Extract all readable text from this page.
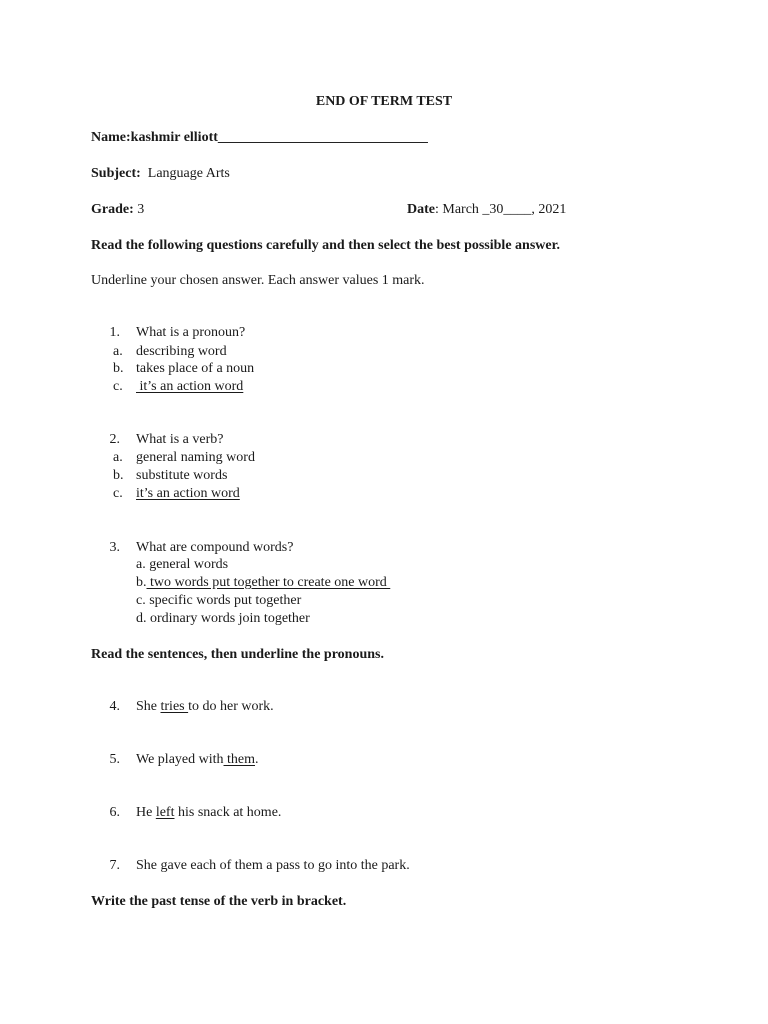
END OF TERM TEST
Name:kashmir elliott______________________________
Subject: Language Arts
Grade: 3	Date: March _30____, 2021
Read the following questions carefully and then select the best possible answer.
Underline your chosen answer. Each answer values 1 mark.
1. What is a pronoun?
a. describing word
b. takes place of a noun
c. it’s an action word
2. What is a verb?
a. general naming word
b. substitute words
c. it’s an action word
3. What are compound words?
a. general words
b. two words put together to create one word
c. specific words put together
d. ordinary words join together
Read the sentences, then underline the pronouns.
4. She tries to do her work.
5. We played with them.
6. He left his snack at home.
7. She gave each of them a pass to go into the park.
Write the past tense of the verb in bracket.
